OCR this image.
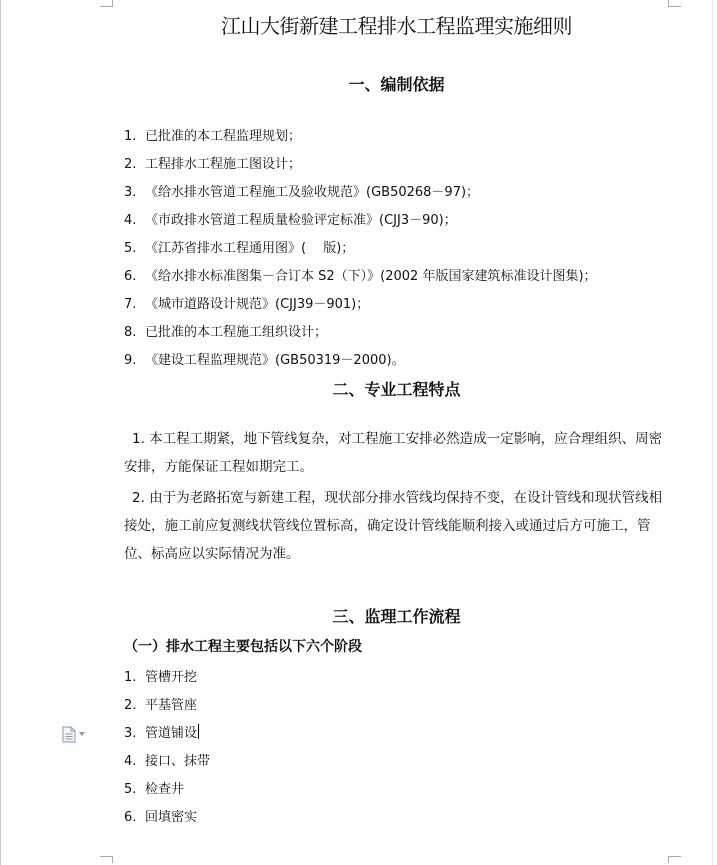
江山大街新建工程排水工程监理实施细则
一、编制依据
1. 已批准的本工程监理规划；
2. 工程排水工程施工图设计；
3. 《给水排水管道工程施工及验收规范》(GB50268－97)；
4. 《市政排水管道工程质量检验评定标准》(CJJ3－90)；
5. 《江苏省排水工程通用图》(　 版)；
6. 《给水排水标准图集－合订本 S2（下）》(2002 年版国家建筑标准设计图集)；
7. 《城市道路设计规范》(CJJ39－901)；
8. 已批准的本工程施工组织设计；
9. 《建设工程监理规范》(GB50319－2000)。
二、专业工程特点
1. 本工程工期紧，地下管线复杂，对工程施工安排必然造成一定影响，应合理组织、周密安排，方能保证工程如期完工。
2. 由于为老路拓宽与新建工程，现状部分排水管线均保持不变，在设计管线和现状管线相接处，施工前应复测线状管线位置标高，确定设计管线能顺利接入或通过后方可施工，管位、标高应以实际情况为准。
三、监理工作流程
（一）排水工程主要包括以下六个阶段
1. 管槽开挖
2. 平基管座
3. 管道铺设
4. 接口、抹带
5. 检查井
6. 回填密实
